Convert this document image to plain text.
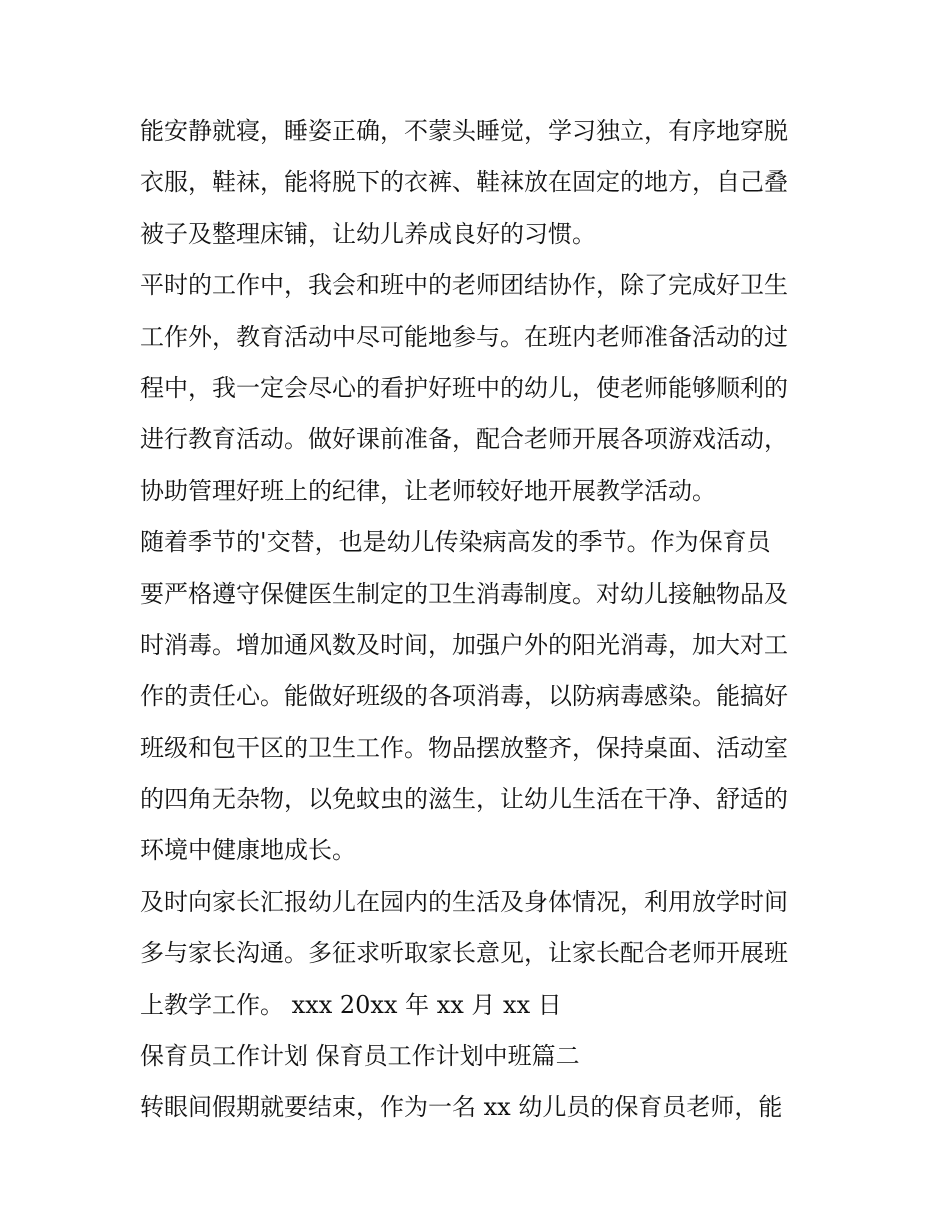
能安静就寝，睡姿正确，不蒙头睡觉，学习独立，有序地穿脱
衣服，鞋袜，能将脱下的衣裤、鞋袜放在固定的地方，自己叠
被子及整理床铺，让幼儿养成良好的习惯。
平时的工作中，我会和班中的老师团结协作，除了完成好卫生
工作外，教育活动中尽可能地参与。在班内老师准备活动的过
程中，我一定会尽心的看护好班中的幼儿，使老师能够顺利的
进行教育活动。做好课前准备，配合老师开展各项游戏活动，
协助管理好班上的纪律，让老师较好地开展教学活动。
随着季节的'交替，也是幼儿传染病高发的季节。作为保育员
要严格遵守保健医生制定的卫生消毒制度。对幼儿接触物品及
时消毒。增加通风数及时间，加强户外的阳光消毒，加大对工
作的责任心。能做好班级的各项消毒，以防病毒感染。能搞好
班级和包干区的卫生工作。物品摆放整齐，保持桌面、活动室
的四角无杂物，以免蚊虫的滋生，让幼儿生活在干净、舒适的
环境中健康地成长。
及时向家长汇报幼儿在园内的生活及身体情况，利用放学时间
多与家长沟通。多征求听取家长意见，让家长配合老师开展班
上教学工作。 xxx 20xx 年 xx 月 xx 日
保育员工作计划 保育员工作计划中班篇二
转眼间假期就要结束，作为一名 xx 幼儿员的保育员老师，能
